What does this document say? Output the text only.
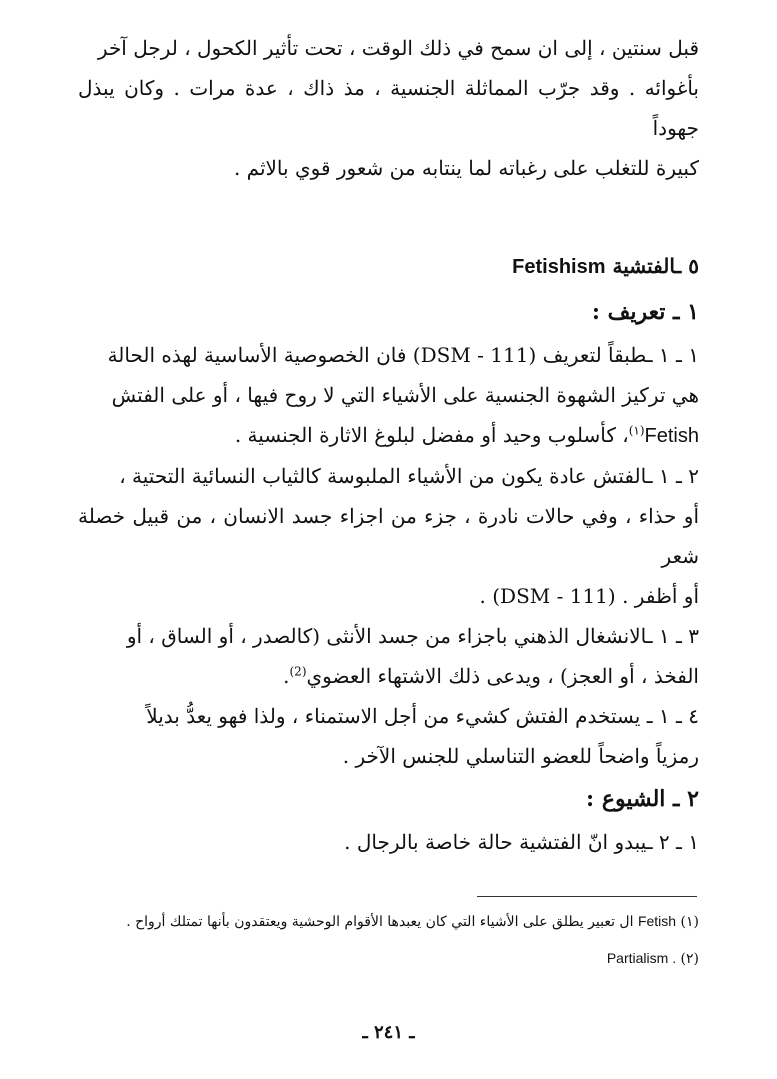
قبل سنتين ، إلى ان سمح في ذلك الوقت ، تحت تأثير الكحول ، لرجل آخر

بأغوائه . وقد جرّب المماثلة الجنسية ، مذ ذاك ، عدة مرات . وكان يبذل جهوداً

كبيرة للتغلب على رغباته لما ينتابه من شعور قوي بالاثم .

٥ ـالفتشية Fetishism

١ ـ تعريف :

١ ـ ١ ـطبقاً لتعريف (DSM - 111) فان الخصوصية الأساسية لهذه الحالة

هي تركيز الشهوة الجنسية على الأشياء التي لا روح فيها ، أو على الفتش

Fetish$^{(١)}$، كأسلوب وحيد أو مفضل لبلوغ الاثارة الجنسية .

٢ ـ ١ ـالفتش عادة يكون من الأشياء الملبوسة كالثياب النسائية التحتية ،

أو حذاء ، وفي حالات نادرة ، جزء من اجزاء جسد الانسان ، من قبيل خصلة شعر

أو أظفر . (DSM - 111) .

٣ ـ ١ ـالانشغال الذهني باجزاء من جسد الأنثى (كالصدر ، أو الساق ، أو

الفخذ ، أو العجز) ، ويدعى ذلك الاشتهاء العضوي$^{(2)}$.

٤ ـ ١ ـ يستخدم الفتش كشيء من أجل الاستمناء ، ولذا فهو يعدُّ بديلاً

رمزياً واضحاً للعضو التناسلي للجنس الآخر .

٢ ـ الشيوع :

١ ـ ٢ ـيبدو انّ الفتشية حالة خاصة بالرجال .

(١) Fetish ال تعبير يطلق على الأشياء التي كان يعبدها الأقوام الوحشية ويعتقدون بأنها تمتلك أرواح .

(٢) Partialism .

ـ ٢٤١ ـ
